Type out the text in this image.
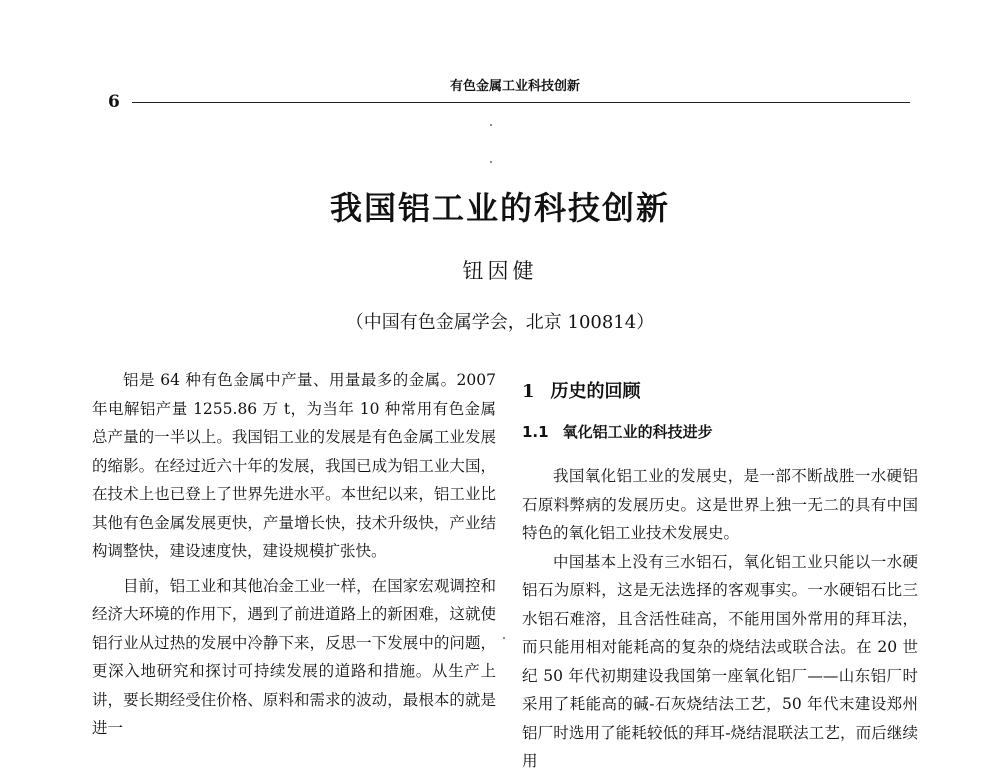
6
有色金属工业科技创新
我国铝工业的科技创新
钮因健
（中国有色金属学会，北京 100814）

铝是 64 种有色金属中产量、用量最多的金属。2007 年电解铝产量 1255.86 万 t，为当年 10 种常用有色金属总产量的一半以上。我国铝工业的发展是有色金属工业发展的缩影。在经过近六十年的发展，我国已成为铝工业大国，在技术上也已登上了世界先进水平。本世纪以来，铝工业比其他有色金属发展更快，产量增长快，技术升级快，产业结构调整快，建设速度快，建设规模扩张快。

目前，铝工业和其他冶金工业一样，在国家宏观调控和经济大环境的作用下，遇到了前进道路上的新困难，这就使铝行业从过热的发展中冷静下来，反思一下发展中的问题，更深入地研究和探讨可持续发展的道路和措施。从生产上讲，要长期经受住价格、原料和需求的波动，最根本的就是进一

1 历史的回顾
1.1 氧化铝工业的科技进步

我国氧化铝工业的发展史，是一部不断战胜一水硬铝石原料弊病的发展历史。这是世界上独一无二的具有中国特色的氧化铝工业技术发展史。

中国基本上没有三水铝石，氧化铝工业只能以一水硬铝石为原料，这是无法选择的客观事实。一水硬铝石比三水铝石难溶，且含活性硅高，不能用国外常用的拜耳法，而只能用相对能耗高的复杂的烧结法或联合法。在 20 世纪 50 年代初期建设我国第一座氧化铝厂——山东铝厂时采用了耗能高的碱-石灰烧结法工艺，50 年代末建设郑州铝厂时选用了能耗较低的拜耳-烧结混联法工艺，而后继续用
